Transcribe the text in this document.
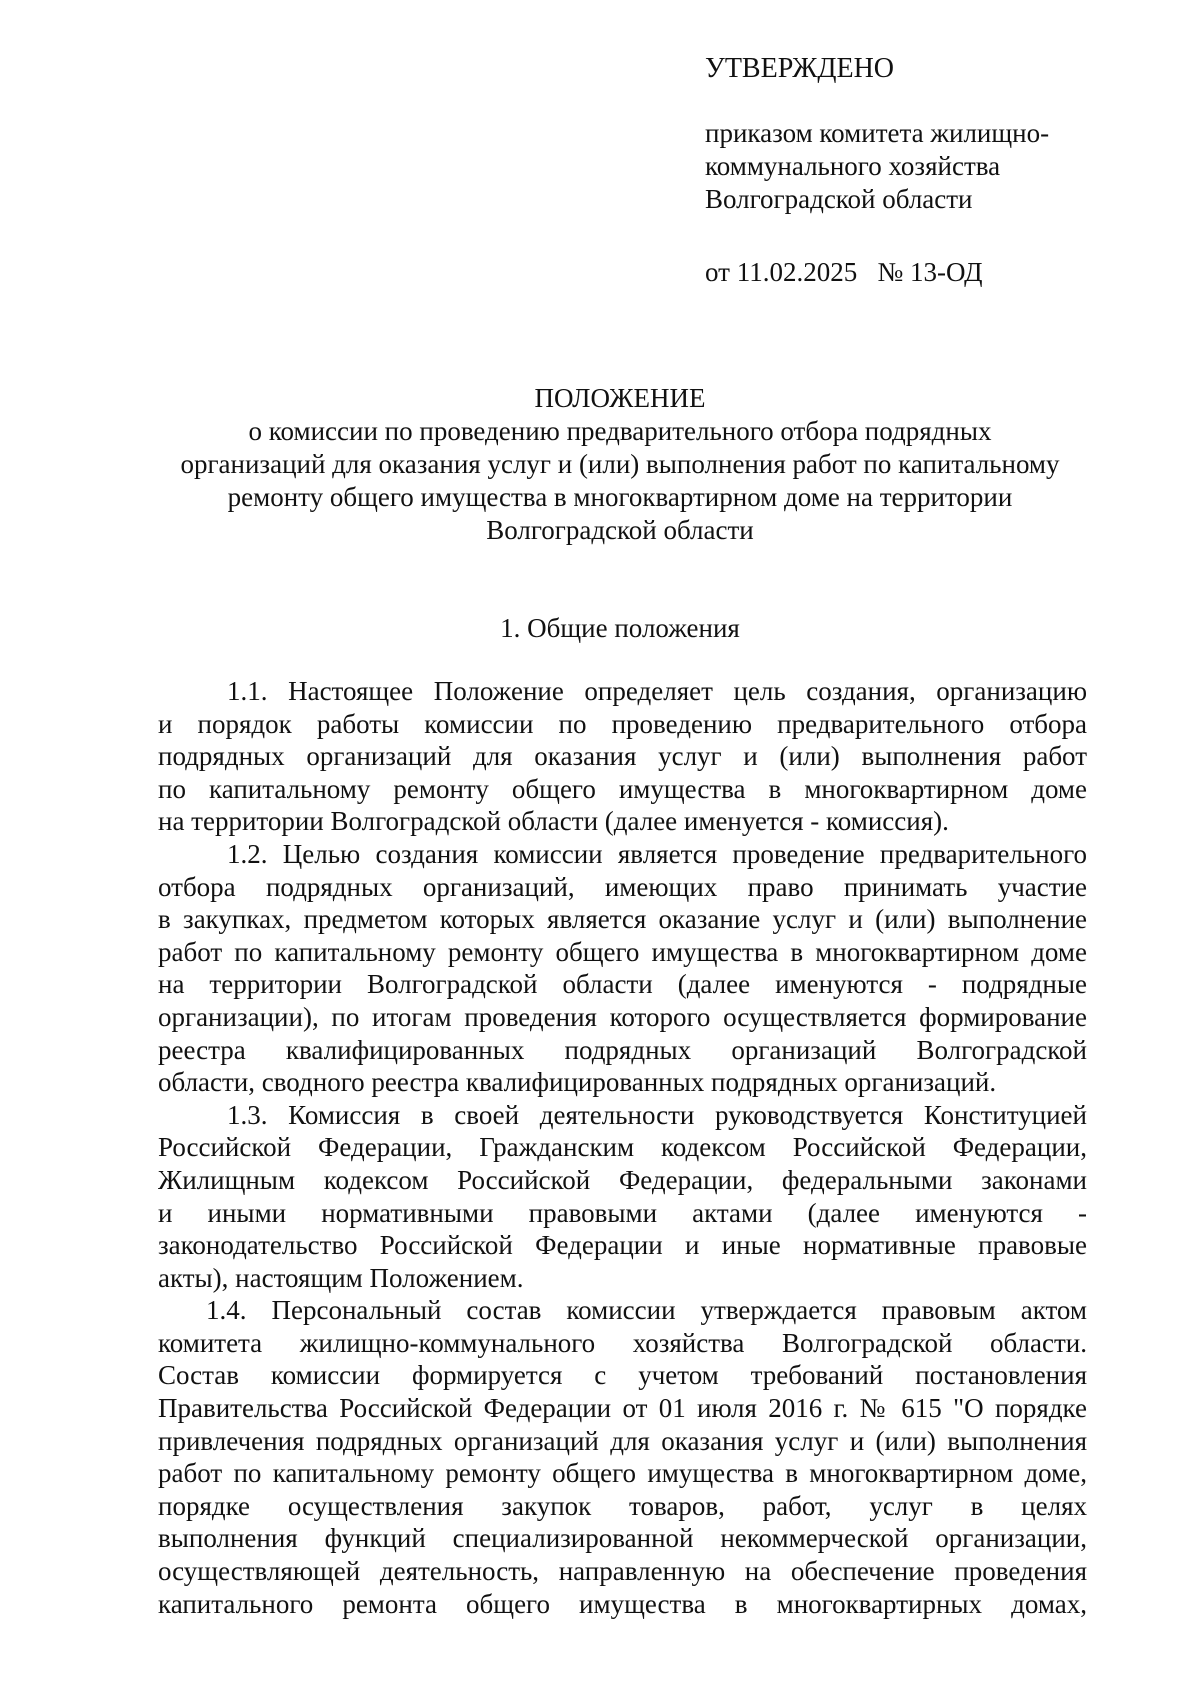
УТВЕРЖДЕНО
приказом комитета жилищно-
коммунального хозяйства
Волгоградской области
от 11.02.2025   № 13-ОД
ПОЛОЖЕНИЕ
о комиссии по проведению предварительного отбора подрядных
организаций для оказания услуг и (или) выполнения работ по капитальному
ремонту общего имущества в многоквартирном доме на территории
Волгоградской области
1. Общие положения
1.1. Настоящее Положение определяет цель создания, организацию
и порядок работы комиссии по проведению предварительного отбора
подрядных организаций для оказания услуг и (или) выполнения работ
по капитальному ремонту общего имущества в многоквартирном доме
на территории Волгоградской области (далее именуется - комиссия).
1.2. Целью создания комиссии является проведение предварительного
отбора подрядных организаций, имеющих право принимать участие
в закупках, предметом которых является оказание услуг и (или) выполнение
работ по капитальному ремонту общего имущества в многоквартирном доме
на территории Волгоградской области (далее именуются - подрядные
организации), по итогам проведения которого осуществляется формирование
реестра квалифицированных подрядных организаций Волгоградской
области, сводного реестра квалифицированных подрядных организаций.
1.3. Комиссия в своей деятельности руководствуется Конституцией
Российской Федерации, Гражданским кодексом Российской Федерации,
Жилищным кодексом Российской Федерации, федеральными законами
и иными нормативными правовыми актами (далее именуются -
законодательство Российской Федерации и иные нормативные правовые
акты), настоящим Положением.
1.4. Персональный состав комиссии утверждается правовым актом
комитета жилищно-коммунального хозяйства Волгоградской области.
Состав комиссии формируется с учетом требований постановления
Правительства Российской Федерации от 01 июля 2016 г. № 615 "О порядке
привлечения подрядных организаций для оказания услуг и (или) выполнения
работ по капитальному ремонту общего имущества в многоквартирном доме,
порядке осуществления закупок товаров, работ, услуг в целях
выполнения функций специализированной некоммерческой организации,
осуществляющей деятельность, направленную на обеспечение проведения
капитального ремонта общего имущества в многоквартирных домах,
